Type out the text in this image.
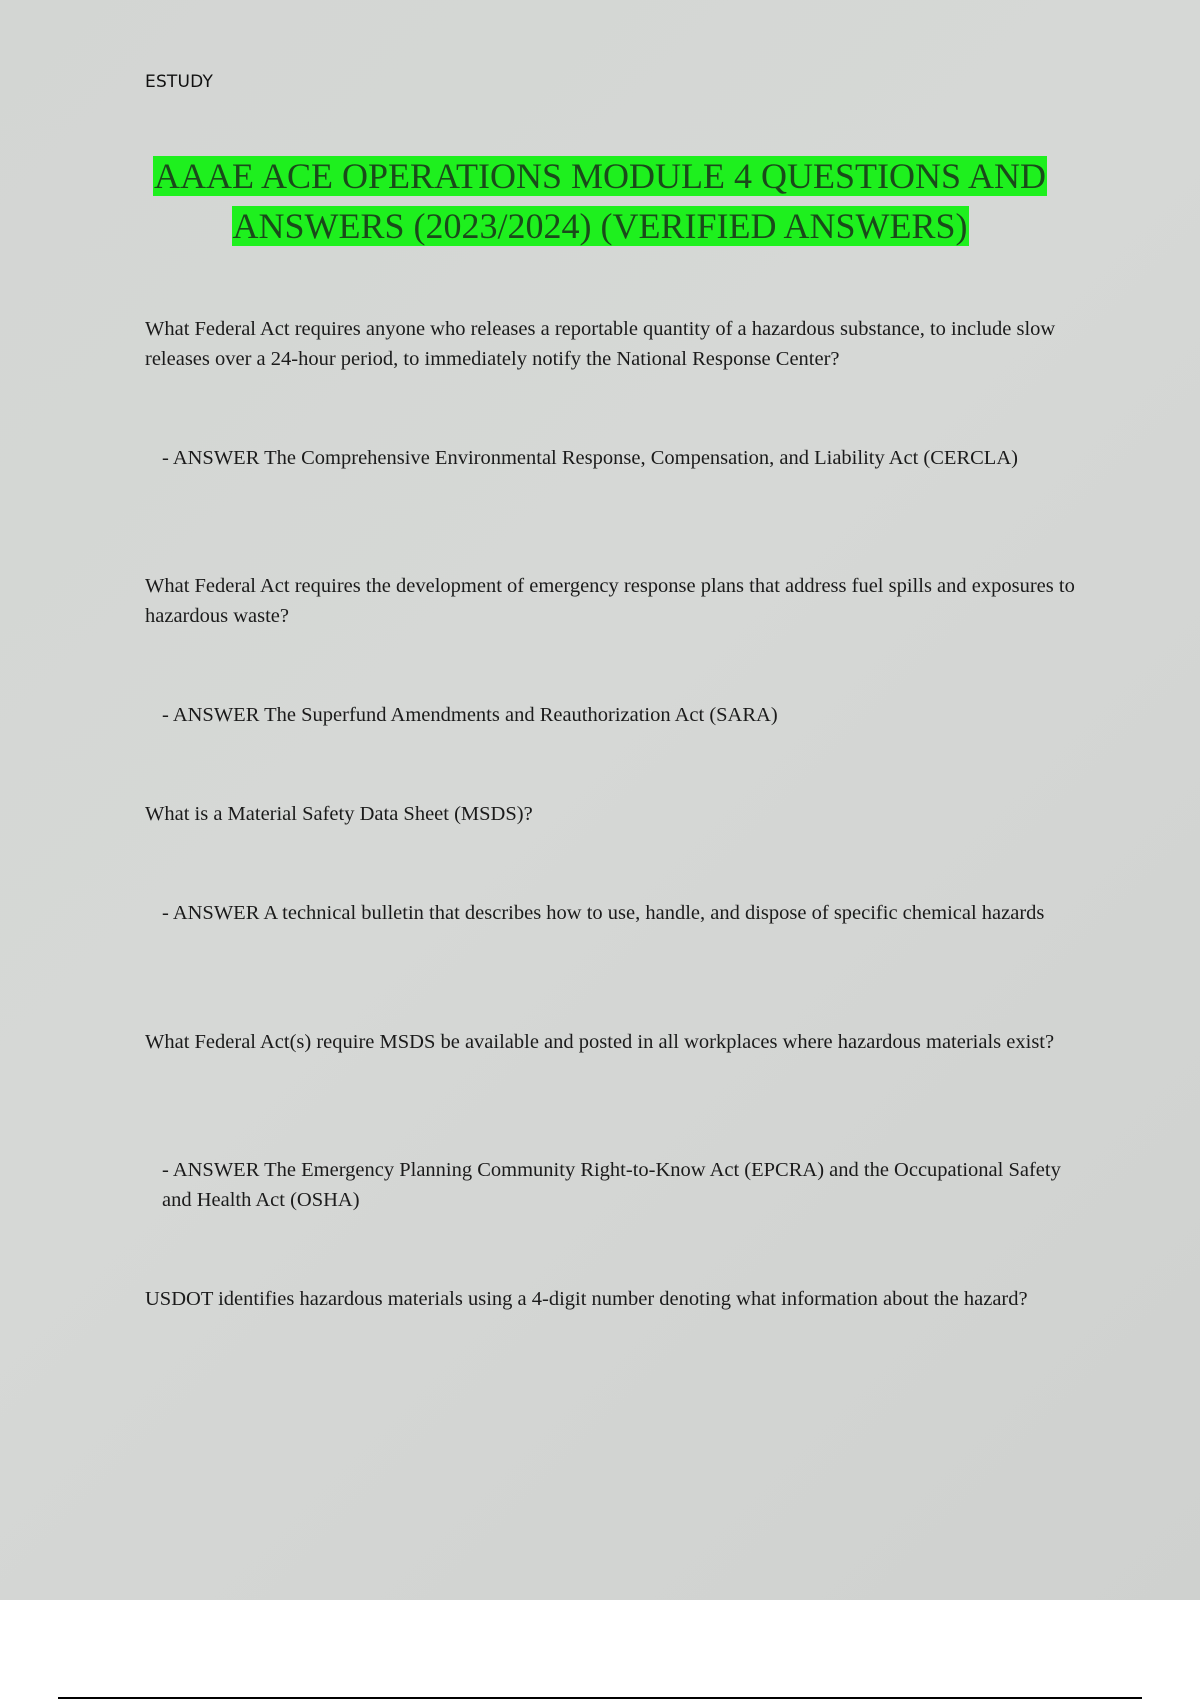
ESTUDY
AAAE ACE OPERATIONS MODULE 4 QUESTIONS AND
ANSWERS (2023/2024) (VERIFIED ANSWERS)
What Federal Act requires anyone who releases a reportable quantity of a hazardous substance, to include slow releases over a 24-hour period, to immediately notify the National Response Center?
- ANSWER The Comprehensive Environmental Response, Compensation, and Liability Act (CERCLA)
What Federal Act requires the development of emergency response plans that address fuel spills and exposures to hazardous waste?
- ANSWER The Superfund Amendments and Reauthorization Act (SARA)
What is a Material Safety Data Sheet (MSDS)?
- ANSWER A technical bulletin that describes how to use, handle, and dispose of specific chemical hazards
What Federal Act(s) require MSDS be available and posted in all workplaces where hazardous materials exist?
- ANSWER The Emergency Planning Community Right-to-Know Act (EPCRA) and the Occupational Safety and Health Act (OSHA)
USDOT identifies hazardous materials using a 4-digit number denoting what information about the hazard?
